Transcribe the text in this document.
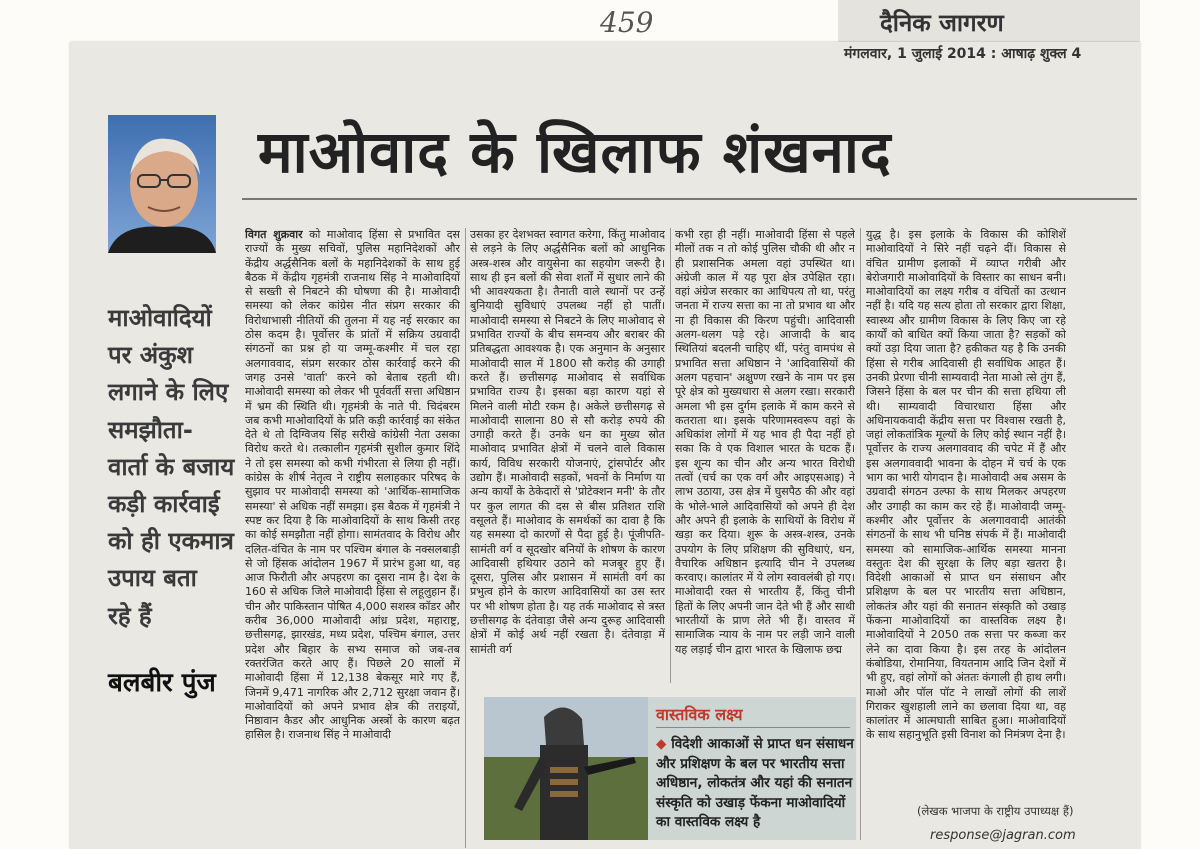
459	दैनिक जागरण
मंगलवार, 1 जुलाई 2014 : आषाढ़ शुक्ल 4
माओवाद के खिलाफ शंखनाद
माओवादियों
पर अंकुश
लगाने के लिए
समझौता-
वार्ता के बजाय
कड़ी कार्रवाई
को ही एकमात्र
उपाय बता
रहे हैं
बलबीर पुंज
विगत शुक्रवार को माओवाद हिंसा से प्रभावित दस राज्यों के मुख्य सचिवों, पुलिस महानिदेशकों और केंद्रीय अर्द्धसैनिक बलों के महानिदेशकों के साथ हुई बैठक में केंद्रीय गृहमंत्री राजनाथ सिंह ने माओवादियों से सख्ती से निबटने की घोषणा की है। माओवादी समस्या को लेकर कांग्रेस नीत संप्रग सरकार की विरोधाभासी नीतियों की तुलना में यह नई सरकार का ठोस कदम है। पूर्वोत्तर के प्रांतों में सक्रिय उग्रवादी संगठनों का प्रश्न हो या जम्मू-कश्मीर में चल रहा अलगाववाद, संप्रग सरकार ठोस कार्रवाई करने की जगह उनसे 'वार्ता' करने को बेताब रहती थी। माओवादी समस्या को लेकर भी पूर्ववर्ती सत्ता अधिष्ठान में भ्रम की स्थिति थी। गृहमंत्री के नाते पी. चिदंबरम जब कभी माओवादियों के प्रति कड़ी कार्रवाई का संकेत देते थे तो दिग्विजय सिंह सरीखे कांग्रेसी नेता उसका विरोध करते थे। तत्कालीन गृहमंत्री सुशील कुमार शिंदे ने तो इस समस्या को कभी गंभीरता से लिया ही नहीं। कांग्रेस के शीर्ष नेतृत्व ने राष्ट्रीय सलाहकार परिषद के सुझाव पर माओवादी समस्या को 'आर्थिक-सामाजिक समस्या' से अधिक नहीं समझा। इस बैठक में गृहमंत्री ने स्पष्ट कर दिया है कि माओवादियों के साथ किसी तरह का कोई समझौता नहीं होगा। सामंतवाद के विरोध और दलित-वंचित के नाम पर पश्चिम बंगाल के नक्सलबाड़ी से जो हिंसक आंदोलन 1967 में प्रारंभ हुआ था, वह आज फिरौती और अपहरण का दूसरा नाम है। देश के 160 से अधिक जिले माओवादी हिंसा से लहूलुहान हैं। चीन और पाकिस्तान पोषित 4,000 सशस्त्र कॉडर और करीब 36,000 माओवादी आंध्र प्रदेश, महाराष्ट्र, छत्तीसगढ़, झारखंड, मध्य प्रदेश, पश्चिम बंगाल, उत्तर प्रदेश और बिहार के सभ्य समाज को जब-तब रक्तरंजित करते आए हैं। पिछले 20 सालों में माओवादी हिंसा में 12,138 बेकसूर मारे गए हैं, जिनमें 9,471 नागरिक और 2,712 सुरक्षा जवान हैं। माओवादियों को अपने प्रभाव क्षेत्र की तराइयों, निष्ठावान कैडर और आधुनिक अस्त्रों के कारण बढ़त हासिल है। राजनाथ सिंह ने माओवादी
उसका हर देशभक्त स्वागत करेगा, किंतु माओवाद से लड़ने के लिए अर्द्धसैनिक बलों को आधुनिक अस्त्र-शस्त्र और वायुसेना का सहयोग जरूरी है। साथ ही इन बलों की सेवा शर्तों में सुधार लाने की भी आवश्यकता है। तैनाती वाले स्थानों पर उन्हें बुनियादी सुविधाएं उपलब्ध नहीं हो पातीं। माओवादी समस्या से निबटने के लिए माओवाद से प्रभावित राज्यों के बीच समन्वय और बराबर की प्रतिबद्धता आवश्यक है। एक अनुमान के अनुसार माओवादी साल में 1800 सौ करोड़ की उगाही करते हैं। छत्तीसगढ़ माओवाद से सर्वाधिक प्रभावित राज्य है। इसका बड़ा कारण यहां से मिलने वाली मोटी रकम है। अकेले छत्तीसगढ़ से माओवादी सालाना 80 से सौ करोड़ रुपये की उगाही करते हैं। उनके धन का मुख्य स्रोत माओवाद प्रभावित क्षेत्रों में चलने वाले विकास कार्य, विविध सरकारी योजनाएं, ट्रांसपोर्टर और उद्योग हैं। माओवादी सड़कों, भवनों के निर्माण या अन्य कार्यों के ठेकेदारों से 'प्रोटेक्शन मनी' के तौर पर कुल लागत की दस से बीस प्रतिशत राशि वसूलते हैं। माओवाद के समर्थकों का दावा है कि यह समस्या दो कारणों से पैदा हुई है। पूंजीपति-सामंती वर्ग व सूदखोर बनियों के शोषण के कारण आदिवासी हथियार उठाने को मजबूर हुए हैं। दूसरा, पुलिस और प्रशासन में सामंती वर्ग का प्रभुत्व होने के कारण आदिवासियों का उस स्तर पर भी शोषण होता है। यह तर्क माओवाद से त्रस्त छत्तीसगढ़ के दंतेवाड़ा जैसे अन्य दुरूह आदिवासी क्षेत्रों में कोई अर्थ नहीं रखता है। दंतेवाड़ा में सामंती वर्ग
कभी रहा ही नहीं। माओवादी हिंसा से पहले मीलों तक न तो कोई पुलिस चौकी थी और न ही प्रशासनिक अमला वहां उपस्थित था। अंग्रेजी काल में यह पूरा क्षेत्र उपेक्षित रहा। वहां अंग्रेज सरकार का आधिपत्य तो था, परंतु जनता में राज्य सत्ता का ना तो प्रभाव था और ना ही विकास की किरण पहुंची। आदिवासी अलग-थलग पड़े रहे। आजादी के बाद स्थितियां बदलनी चाहिए थीं, परंतु वामपंथ से प्रभावित सत्ता अधिष्ठान ने 'आदिवासियों की अलग पहचान' अक्षुण्ण रखने के नाम पर इस पूरे क्षेत्र को मुख्यधारा से अलग रखा। सरकारी अमला भी इस दुर्गम इलाके में काम करने से कतराता था। इसके परिणामस्वरूप वहां के अधिकांश लोगों में यह भाव ही पैदा नहीं हो सका कि वे एक विशाल भारत के घटक हैं। इस शून्य का चीन और अन्य भारत विरोधी तत्वों (चर्च का एक वर्ग और आइएसआइ) ने लाभ उठाया, उस क्षेत्र में घुसपैठ की और वहां के भोले-भाले आदिवासियों को अपने ही देश और अपने ही इलाके के साथियों के विरोध में खड़ा कर दिया। शुरू के अस्त्र-शस्त्र, उनके उपयोग के लिए प्रशिक्षण की सुविधाएं, धन, वैचारिक अधिष्ठान इत्यादि चीन ने उपलब्ध करवाए। कालांतर में ये लोग स्वावलंबी हो गए। माओवादी रक्त से भारतीय हैं, किंतु चीनी हितों के लिए अपनी जान देते भी हैं और साथी भारतीयों के प्राण लेते भी हैं। वास्तव में सामाजिक न्याय के नाम पर लड़ी जाने वाली यह लड़ाई चीन द्वारा भारत के खिलाफ छद्म
युद्ध है। इस इलाके के विकास की कोशिशें माओवादियों ने सिरे नहीं चढ़ने दीं। विकास से वंचित ग्रामीण इलाकों में व्याप्त गरीबी और बेरोजगारी माओवादियों के विस्तार का साधन बनी। माओवादियों का लक्ष्य गरीब व वंचितों का उत्थान नहीं है। यदि यह सत्य होता तो सरकार द्वारा शिक्षा, स्वास्थ्य और ग्रामीण विकास के लिए किए जा रहे कार्यों को बाधित क्यों किया जाता है? सड़कों को क्यों उड़ा दिया जाता है? हकीकत यह है कि उनकी हिंसा से गरीब आदिवासी ही सर्वाधिक आहत हैं। उनकी प्रेरणा चीनी साम्यवादी नेता माओ त्से तुंग हैं, जिसने हिंसा के बल पर चीन की सत्ता हथिया ली थी। साम्यवादी विचारधारा हिंसा और अधिनायकवादी केंद्रीय सत्ता पर विश्वास रखती है, जहां लोकतांत्रिक मूल्यों के लिए कोई स्थान नहीं है। पूर्वोत्तर के राज्य अलगाववाद की चपेट में हैं और इस अलगाववादी भावना के दोहन में चर्च के एक भाग का भारी योगदान है। माओवादी अब असम के उग्रवादी संगठन उल्फा के साथ मिलकर अपहरण और उगाही का काम कर रहे हैं। माओवादी जम्मू-कश्मीर और पूर्वोत्तर के अलगाववादी आतंकी संगठनों के साथ भी घनिष्ठ संपर्क में हैं। माओवादी समस्या को सामाजिक-आर्थिक समस्या मानना वस्तुतः देश की सुरक्षा के लिए बड़ा खतरा है। विदेशी आकाओं से प्राप्त धन संसाधन और प्रशिक्षण के बल पर भारतीय सत्ता अधिष्ठान, लोकतंत्र और यहां की सनातन संस्कृति को उखाड़ फेंकना माओवादियों का वास्तविक लक्ष्य है। माओवादियों ने 2050 तक सत्ता पर कब्जा कर लेने का दावा किया है। इस तरह के आंदोलन कंबोडिया, रोमानिया, वियतनाम आदि जिन देशों में भी हुए, वहां लोगों को अंततः कंगाली ही हाथ लगी। माओ और पॉल पॉट ने लाखों लोगों की लाशें गिराकर खुशहाली लाने का छलावा दिया था, वह कालांतर में आत्मघाती साबित हुआ। माओवादियों के साथ सहानुभूति इसी विनाश को निमंत्रण देना है।
वास्तविक लक्ष्य
◆ विदेशी आकाओं से प्राप्त धन संसाधन और प्रशिक्षण के बल पर भारतीय सत्ता अधिष्ठान, लोकतंत्र और यहां की सनातन संस्कृति को उखाड़ फेंकना माओवादियों का वास्तविक लक्ष्य है
(लेखक भाजपा के राष्ट्रीय उपाध्यक्ष हैं)
response@jagran.com
